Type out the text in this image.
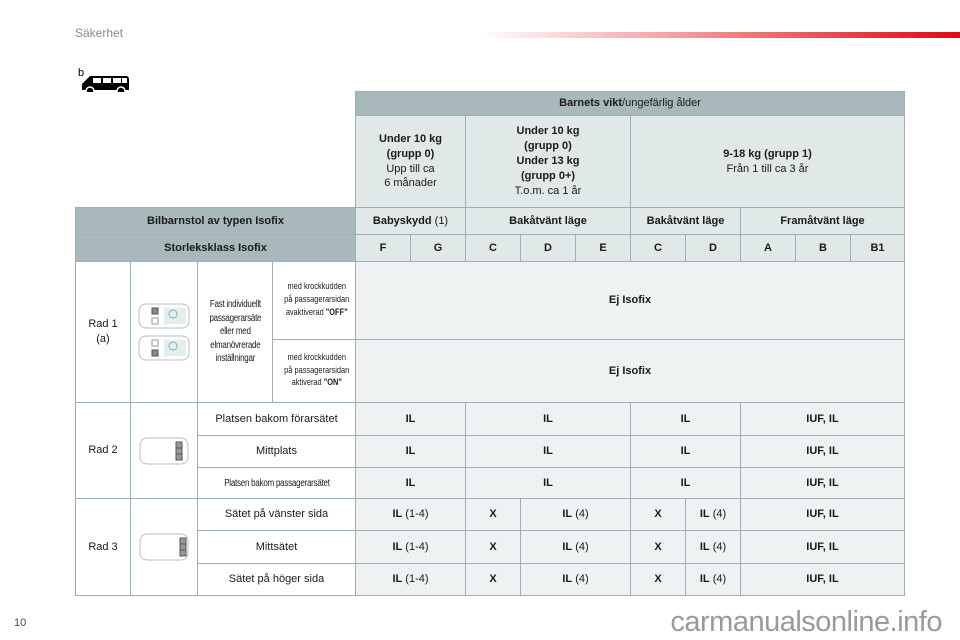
Säkerhet
b
				Barnets vikt/ungefärlig ålder									
				Under 10 kg
(grupp 0)
Upp till ca
6 månader		Under 10 kg
(grupp 0)
Under 13 kg
(grupp 0+)
T.o.m. ca 1 år			9-18 kg (grupp 1)
Från 1 till ca 3 år				
Bilbarnstol av typen Isofix				Babyskydd (1)		Bakåtvänt läge			Bakåtvänt läge		Framåtvänt läge		
Storleksklass Isofix				F	G	C	D	E	C	D	A	B	B1
Rad 1
(a)		Fast individuellt
passagerarsäte
eller med
elmanövrerade
inställningar	med krockkudden
på passagerarsidan
avaktiverad "OFF"	Ej Isofix									
			med krockkudden
på passagerarsidan
aktiverad "ON"	Ej Isofix									
Rad 2		Platsen bakom förarsätet		IL		IL			IL		IUF, IL		
		Mittplats		IL		IL			IL		IUF, IL		
		Platsen bakom passagerarsätet		IL		IL			IL		IUF, IL		
Rad 3		Sätet på vänster sida		IL (1-4)		X	IL (4)		X	IL (4)	IUF, IL		
		Mittsätet		IL (1-4)		X	IL (4)		X	IL (4)	IUF, IL		
		Sätet på höger sida		IL (1-4)		X	IL (4)		X	IL (4)	IUF, IL		
10	carmanualsonline.info
